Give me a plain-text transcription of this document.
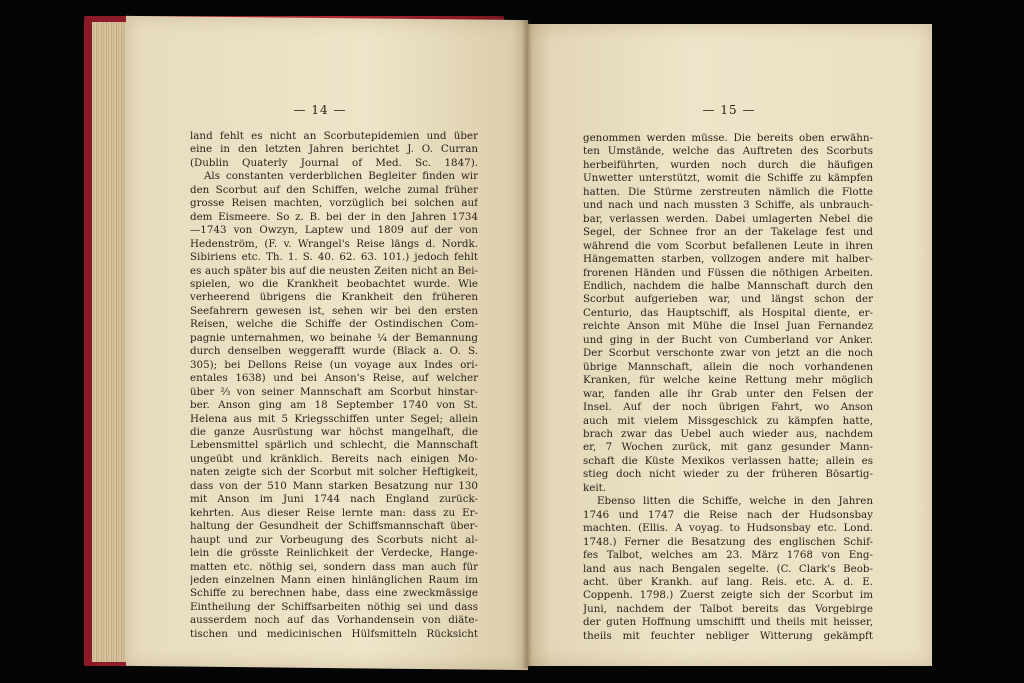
— 14 —	— 15 —
land fehlt es nicht an Scorbutepidemien und über
eine in den letzten Jahren berichtet J. O. Curran
(Dublin Quaterly Journal of Med. Sc. 1847).
Als constanten verderblichen Begleiter finden wir
den Scorbut auf den Schiffen, welche zumal früher
grosse Reisen machten, vorzüglich bei solchen auf
dem Eismeere. So z. B. bei der in den Jahren 1734
—1743 von Owzyn, Laptew und 1809 auf der von
Hedenström, (F. v. Wrangel's Reise längs d. Nordk.
Sibiriens etc. Th. 1. S. 40. 62. 63. 101.) jedoch fehlt
es auch später bis auf die neusten Zeiten nicht an Bei-
spielen, wo die Krankheit beobachtet wurde. Wie
verheerend übrigens die Krankheit den früheren
Seefahrern gewesen ist, sehen wir bei den ersten
Reisen, welche die Schiffe der Ostindischen Com-
pagnie unternahmen, wo beinahe ¼ der Bemannung
durch denselben weggerafft wurde (Black a. O. S.
305); bei Dellons Reise (un voyage aux Indes ori-
entales 1638) und bei Anson's Reise, auf welcher
über ⅔ von seiner Mannschaft am Scorbut hinstar-
ber. Anson ging am 18 September 1740 von St.
Helena aus mit 5 Kriegsschiffen unter Segel; allein
die ganze Ausrüstung war höchst mangelhaft, die
Lebensmittel spärlich und schlecht, die Mannschaft
ungeübt und kränklich. Bereits nach einigen Mo-
naten zeigte sich der Scorbut mit solcher Heftigkeit,
dass von der 510 Mann starken Besatzung nur 130
mit Anson im Juni 1744 nach England zurück-
kehrten. Aus dieser Reise lernte man: dass zu Er-
haltung der Gesundheit der Schiffsmannschaft über-
haupt und zur Vorbeugung des Scorbuts nicht al-
lein die grösste Reinlichkeit der Verdecke, Hange-
matten etc. nöthig sei, sondern dass man auch für
jeden einzelnen Mann einen hinlänglichen Raum im
Schiffe zu berechnen habe, dass eine zweckmässige
Eintheilung der Schiffsarbeiten nöthig sei und dass
ausserdem noch auf das Vorhandensein von diäte-
tischen und medicinischen Hülfsmitteln Rücksicht
genommen werden müsse. Die bereits oben erwähn-
ten Umstände, welche das Auftreten des Scorbuts
herbeiführten, wurden noch durch die häufigen
Unwetter unterstützt, womit die Schiffe zu kämpfen
hatten. Die Stürme zerstreuten nämlich die Flotte
und nach und nach mussten 3 Schiffe, als unbrauch-
bar, verlassen werden. Dabei umlagerten Nebel die
Segel, der Schnee fror an der Takelage fest und
während die vom Scorbut befallenen Leute in ihren
Hängematten starben, vollzogen andere mit halber-
frorenen Händen und Füssen die nöthigen Arbeiten.
Endlich, nachdem die halbe Mannschaft durch den
Scorbut aufgerieben war, und längst schon der
Centurio, das Hauptschiff, als Hospital diente, er-
reichte Anson mit Mühe die Insel Juan Fernandez
und ging in der Bucht von Cumberland vor Anker.
Der Scorbut verschonte zwar von jetzt an die noch
übrige Mannschaft, allein die noch vorhandenen
Kranken, für welche keine Rettung mehr möglich
war, fanden alle ihr Grab unter den Felsen der
Insel. Auf der noch übrigen Fahrt, wo Anson
auch mit vielem Missgeschick zu kämpfen hatte,
brach zwar das Uebel auch wieder aus, nachdem
er, 7 Wochen zurück, mit ganz gesunder Mann-
schaft die Küste Mexikos verlassen hatte; allein es
stieg doch nicht wieder zu der früheren Bösartig-
keit.
Ebenso litten die Schiffe, welche in den Jahren
1746 und 1747 die Reise nach der Hudsonsbay
machten. (Ellis. A voyag. to Hudsonsbay etc. Lond.
1748.) Ferner die Besatzung des englischen Schif-
fes Talbot, welches am 23. März 1768 von Eng-
land aus nach Bengalen segelte. (C. Clark's Beob-
acht. über Krankh. auf lang. Reis. etc. A. d. E.
Coppenh. 1798.) Zuerst zeigte sich der Scorbut im
Juni, nachdem der Talbot bereits das Vorgebirge
der guten Hoffnung umschifft und theils mit heisser,
theils mit feuchter nebliger Witterung gekämpft
